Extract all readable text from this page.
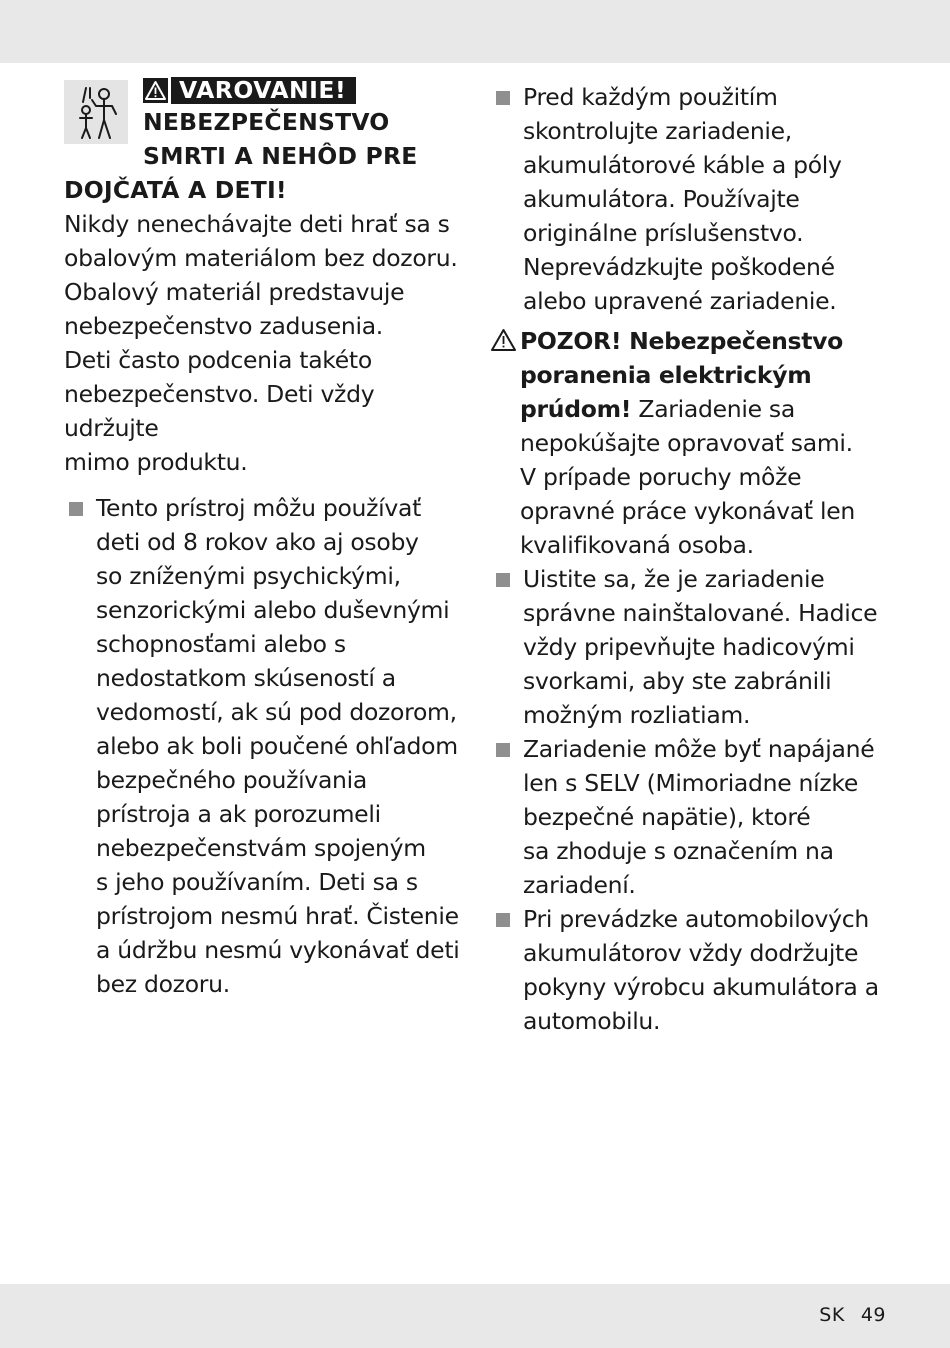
VAROVANIE!
NEBEZPEČENSTVO
SMRTI A NEHÔD PRE
DOJČATÁ A DETI!
Nikdy nenechávajte deti hrať sa s
obalovým materiálom bez dozoru.
Obalový materiál predstavuje
nebezpečenstvo zadusenia.
Deti často podcenia takéto
nebezpečenstvo. Deti vždy udržujte
mimo produktu.
Tento prístroj môžu používať
deti od 8 rokov ako aj osoby
so zníženými psychickými,
senzorickými alebo duševnými
schopnosťami alebo s
nedostatkom skúseností a
vedomostí, ak sú pod dozorom,
alebo ak boli poučené ohľadom
bezpečného používania
prístroja a ak porozumeli
nebezpečenstvám spojeným
s jeho používaním. Deti sa s
prístrojom nesmú hrať. Čistenie
a údržbu nesmú vykonávať deti
bez dozoru.
Pred každým použitím
skontrolujte zariadenie,
akumulátorové káble a póly
akumulátora. Používajte
originálne príslušenstvo.
Neprevádzkujte poškodené
alebo upravené zariadenie.
POZOR! Nebezpečenstvo
poranenia elektrickým
prúdom! Zariadenie sa
nepokúšajte opravovať sami.
V prípade poruchy môže
opravné práce vykonávať len
kvalifikovaná osoba.
Uistite sa, že je zariadenie
správne nainštalované. Hadice
vždy pripevňujte hadicovými
svorkami, aby ste zabránili
možným rozliatiam.
Zariadenie môže byť napájané
len s SELV (Mimoriadne nízke
bezpečné napätie), ktoré
sa zhoduje s označením na
zariadení.
Pri prevádzke automobilových
akumulátorov vždy dodržujte
pokyny výrobcu akumulátora a
automobilu.
SK 49
